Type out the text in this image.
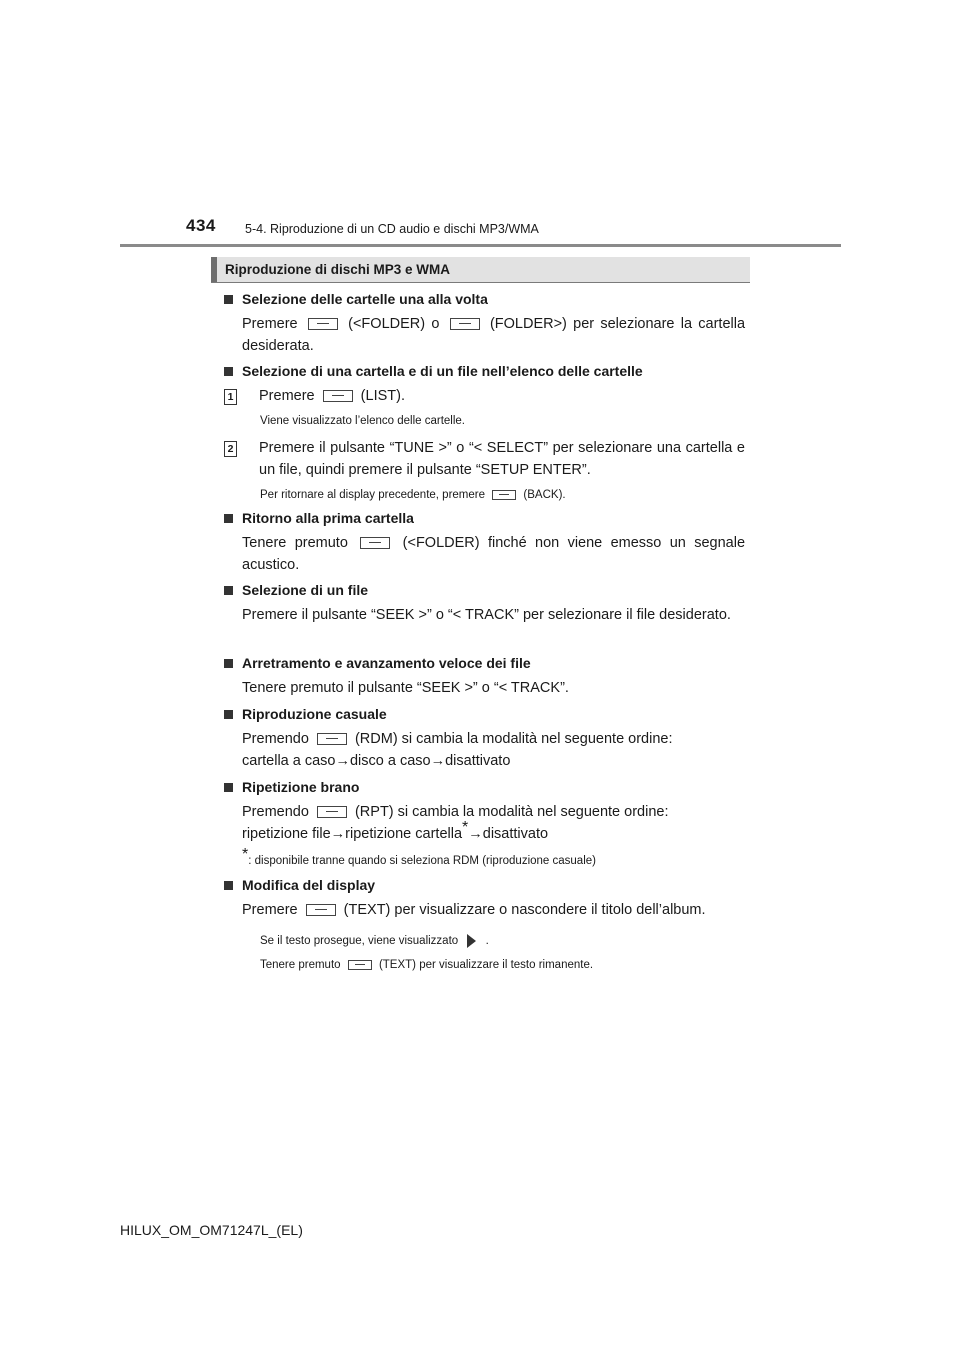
434 5-4. Riproduzione di un CD audio e dischi MP3/WMA
Riproduzione di dischi MP3 e WMA

Selezione delle cartelle una alla volta

Premere	(<FOLDER) o	(FOLDER>) per selezionare la cartella desiderata.

Selezione di una cartella e di un file nell’elenco delle cartelle

1 Premere	(LIST).

Viene visualizzato l’elenco delle cartelle.

2 Premere il pulsante “TUNE >” o “< SELECT” per selezionare una cartella e un file, quindi premere il pulsante “SETUP ENTER”.

Per ritornare al display precedente, premere	(BACK).

Ritorno alla prima cartella

Tenere premuto	(<FOLDER) finché non viene emesso un segnale acustico.

Selezione di un file

Premere il pulsante “SEEK >” o “< TRACK” per selezionare il file desiderato.

Arretramento e avanzamento veloce dei file

Tenere premuto il pulsante “SEEK >” o “< TRACK”.

Riproduzione casuale

Premendo	(RDM) si cambia la modalità nel seguente ordine:
cartella a caso→disco a caso→disattivato

Ripetizione brano

Premendo	(RPT) si cambia la modalità nel seguente ordine:
ripetizione file→ripetizione cartella*→disattivato

*: disponibile tranne quando si seleziona RDM (riproduzione casuale)

Modifica del display

Premere	(TEXT) per visualizzare o nascondere il titolo dell’album.

Se il testo prosegue, viene visualizzato .

Tenere premuto	(TEXT) per visualizzare il testo rimanente.

HILUX_OM_OM71247L_(EL)
